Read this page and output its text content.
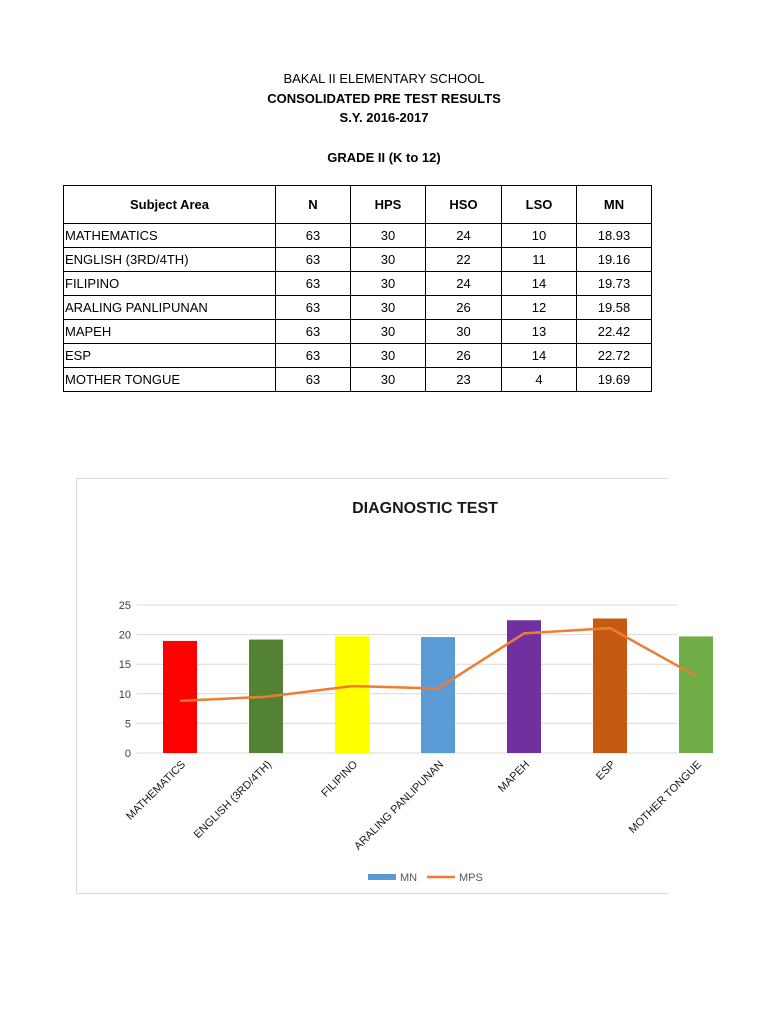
BAKAL II ELEMENTARY SCHOOL
CONSOLIDATED PRE TEST RESULTS
S.Y. 2016-2017
GRADE II (K to 12)
Subject Area	N	HPS	HSO	LSO	MN
MATHEMATICS	63	30	24	10	18.93
ENGLISH (3RD/4TH)	63	30	22	11	19.16
FILIPINO	63	30	24	14	19.73
ARALING PANLIPUNAN	63	30	26	12	19.58
MAPEH	63	30	30	13	22.42
ESP	63	30	26	14	22.72
MOTHER TONGUE	63	30	23	4	19.69
DIAGNOSTIC TEST
0
5
10
15
20
25
MATHEMATICS ENGLISH (3RD/4TH)	FILIPINO
ARALING PANLIPUNAN	MAPEH	ESP MOTHER TONGUE
MN	MPS
